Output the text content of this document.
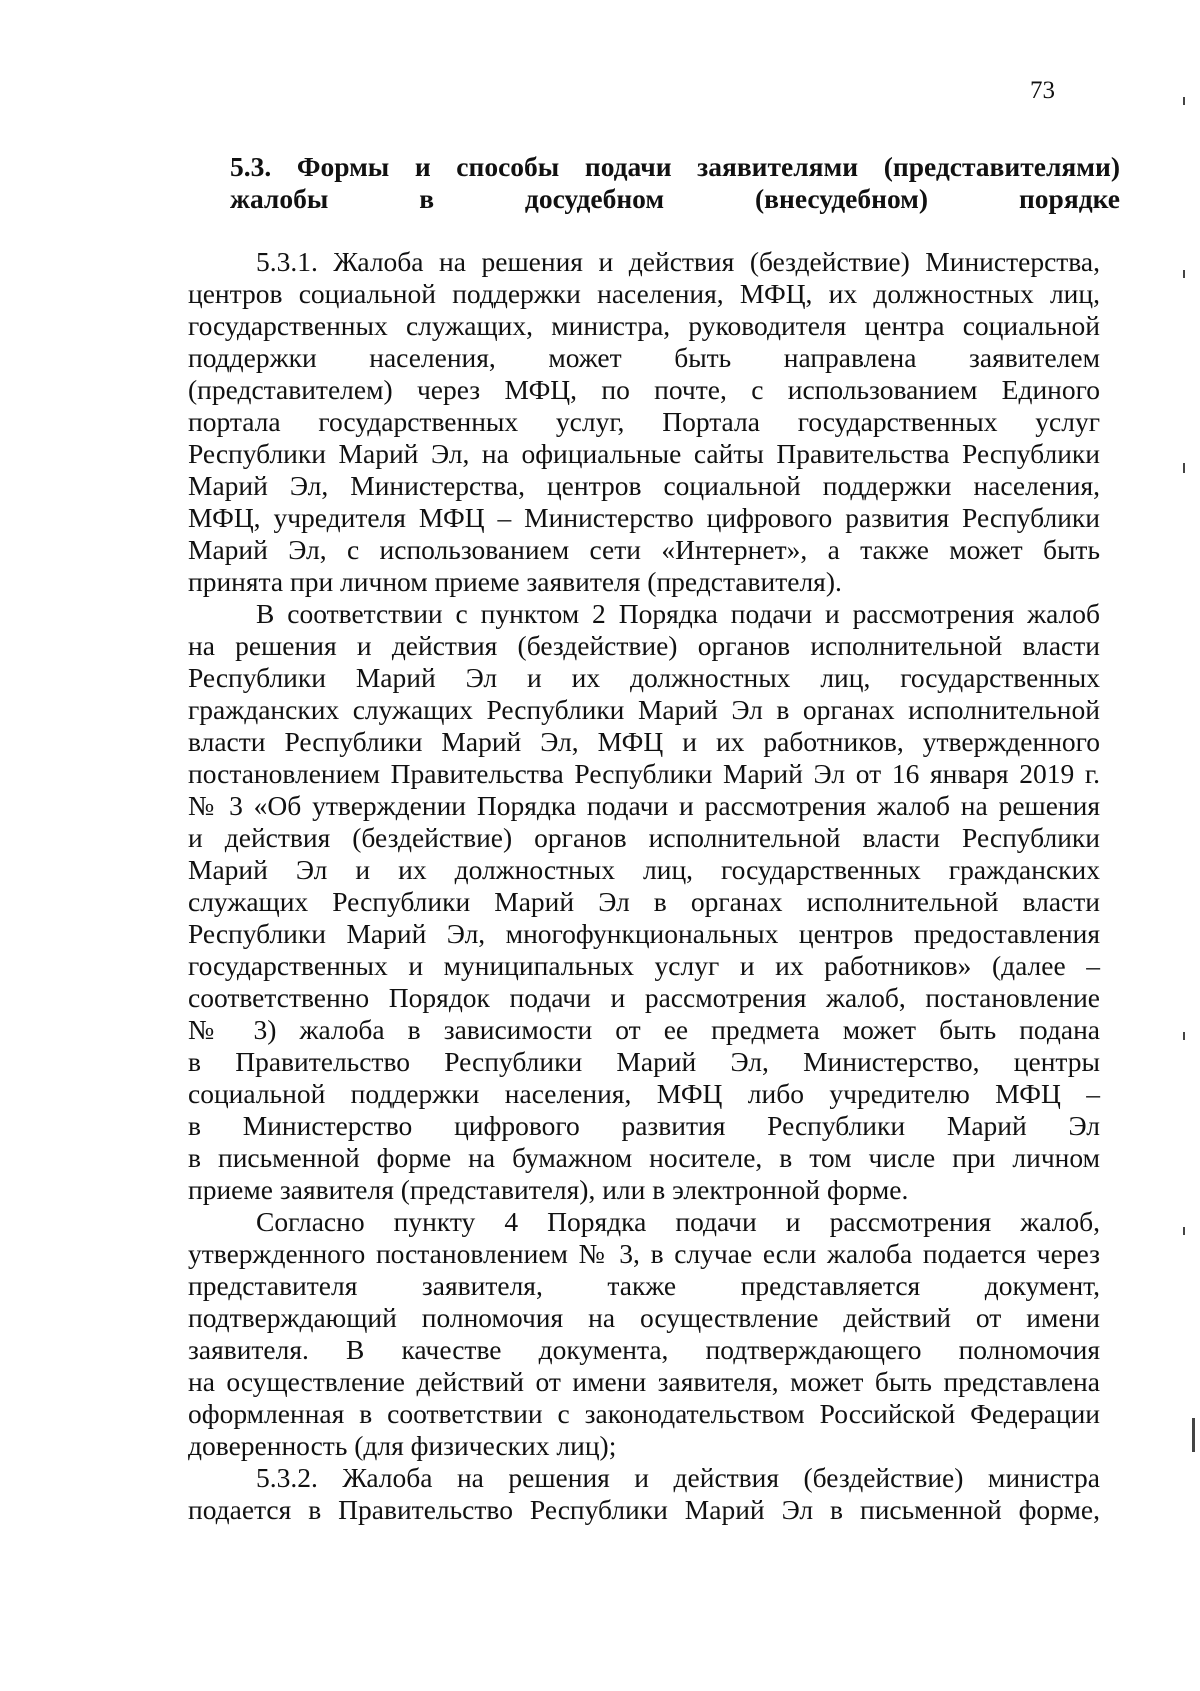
73
5.3. Формы и способы подачи заявителями (представителями)
жалобы в досудебном (внесудебном) порядке
5.3.1. Жалоба на решения и действия (бездействие) Министерства,
центров социальной поддержки населения, МФЦ, их должностных лиц,
государственных служащих, министра, руководителя центра социальной
поддержки населения, может быть направлена заявителем
(представителем) через МФЦ, по почте, с использованием Единого
портала государственных услуг, Портала государственных услуг
Республики Марий Эл, на официальные сайты Правительства Республики
Марий Эл, Министерства, центров социальной поддержки населения,
МФЦ, учредителя МФЦ – Министерство цифрового развития Республики
Марий Эл, с использованием сети «Интернет», а также может быть
принята при личном приеме заявителя (представителя).
В соответствии с пунктом 2 Порядка подачи и рассмотрения жалоб
на решения и действия (бездействие) органов исполнительной власти
Республики Марий Эл и их должностных лиц, государственных
гражданских служащих Республики Марий Эл в органах исполнительной
власти Республики Марий Эл, МФЦ и их работников, утвержденного
постановлением Правительства Республики Марий Эл от 16 января 2019 г.
№ 3 «Об утверждении Порядка подачи и рассмотрения жалоб на решения
и действия (бездействие) органов исполнительной власти Республики
Марий Эл и их должностных лиц, государственных гражданских
служащих Республики Марий Эл в органах исполнительной власти
Республики Марий Эл, многофункциональных центров предоставления
государственных и муниципальных услуг и их работников» (далее –
соответственно Порядок подачи и рассмотрения жалоб, постановление
№ 3) жалоба в зависимости от ее предмета может быть подана
в Правительство Республики Марий Эл, Министерство, центры
социальной поддержки населения, МФЦ либо учредителю МФЦ –
в Министерство цифрового развития Республики Марий Эл
в письменной форме на бумажном носителе, в том числе при личном
приеме заявителя (представителя), или в электронной форме.
Согласно пункту 4 Порядка подачи и рассмотрения жалоб,
утвержденного постановлением № 3, в случае если жалоба подается через
представителя заявителя, также представляется документ,
подтверждающий полномочия на осуществление действий от имени
заявителя. В качестве документа, подтверждающего полномочия
на осуществление действий от имени заявителя, может быть представлена
оформленная в соответствии с законодательством Российской Федерации
доверенность (для физических лиц);
5.3.2. Жалоба на решения и действия (бездействие) министра
подается в Правительство Республики Марий Эл в письменной форме,
